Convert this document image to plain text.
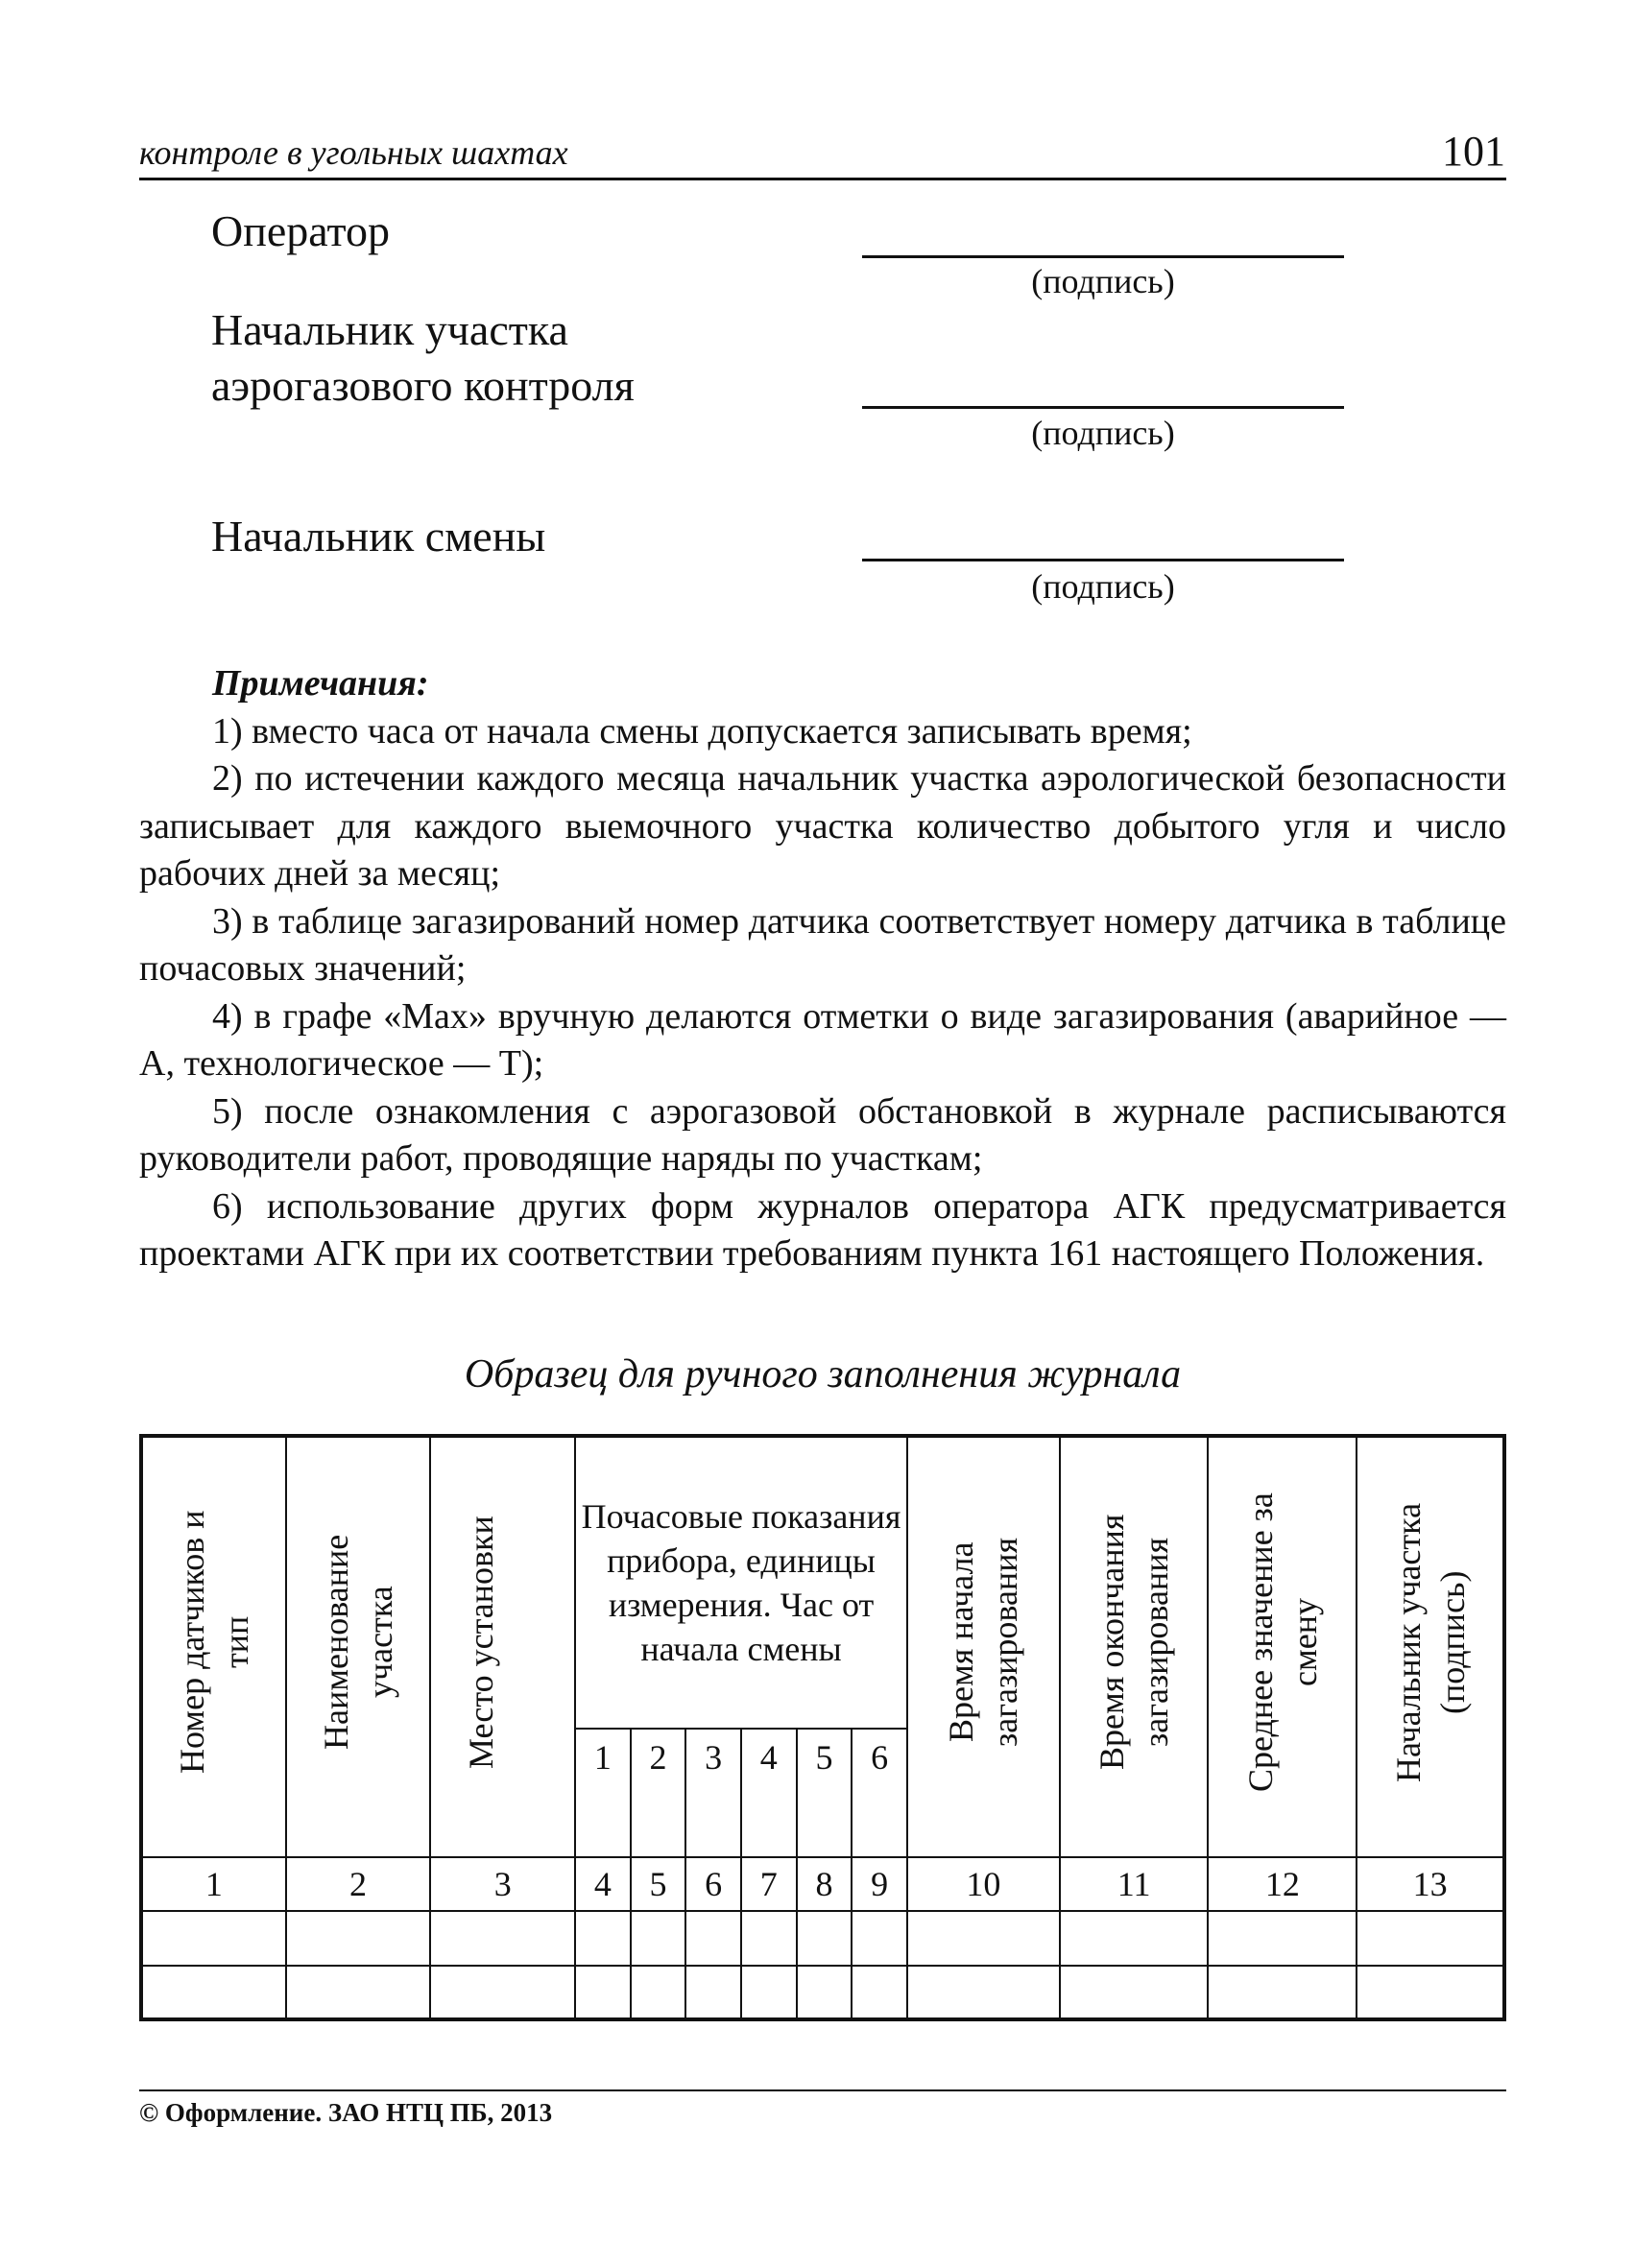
контроле в угольных шахтах	101
Оператор
(подпись)
Начальник участка
аэрогазового контроля
(подпись)
Начальник смены
(подпись)
Примечания:
1) вместо часа от начала смены допускается записывать время;
2) по истечении каждого месяца начальник участка аэрологической безопасности записывает для каждого выемочного участка количество добытого угля и число рабочих дней за месяц;
3) в таблице загазирований номер датчика соответствует номеру датчика в таблице почасовых значений;
4) в графе «Мах» вручную делаются отметки о виде загазирования (аварийное — А, технологическое — Т);
5) после ознакомления с аэрогазовой обстановкой в журнале расписываются руководители работ, проводящие наряды по участкам;
6) использование других форм журналов оператора АГК предусматривается проектами АГК при их соответствии требованиям пункта 161 настоящего Положения.
Образец для ручного заполнения журнала
Номер датчиков и тип	Наименование участка	Место установки	Почасовые показания прибора, единицы измерения. Час от начала смены						Время начала загазирования	Время окончания загазирования	Среднее значение за смену	Начальник участка (подпись)
			1	2	3	4	5	6				
1	2	3	4	5	6	7	8	9	10	11	12	13

© Оформление. ЗАО НТЦ ПБ, 2013
